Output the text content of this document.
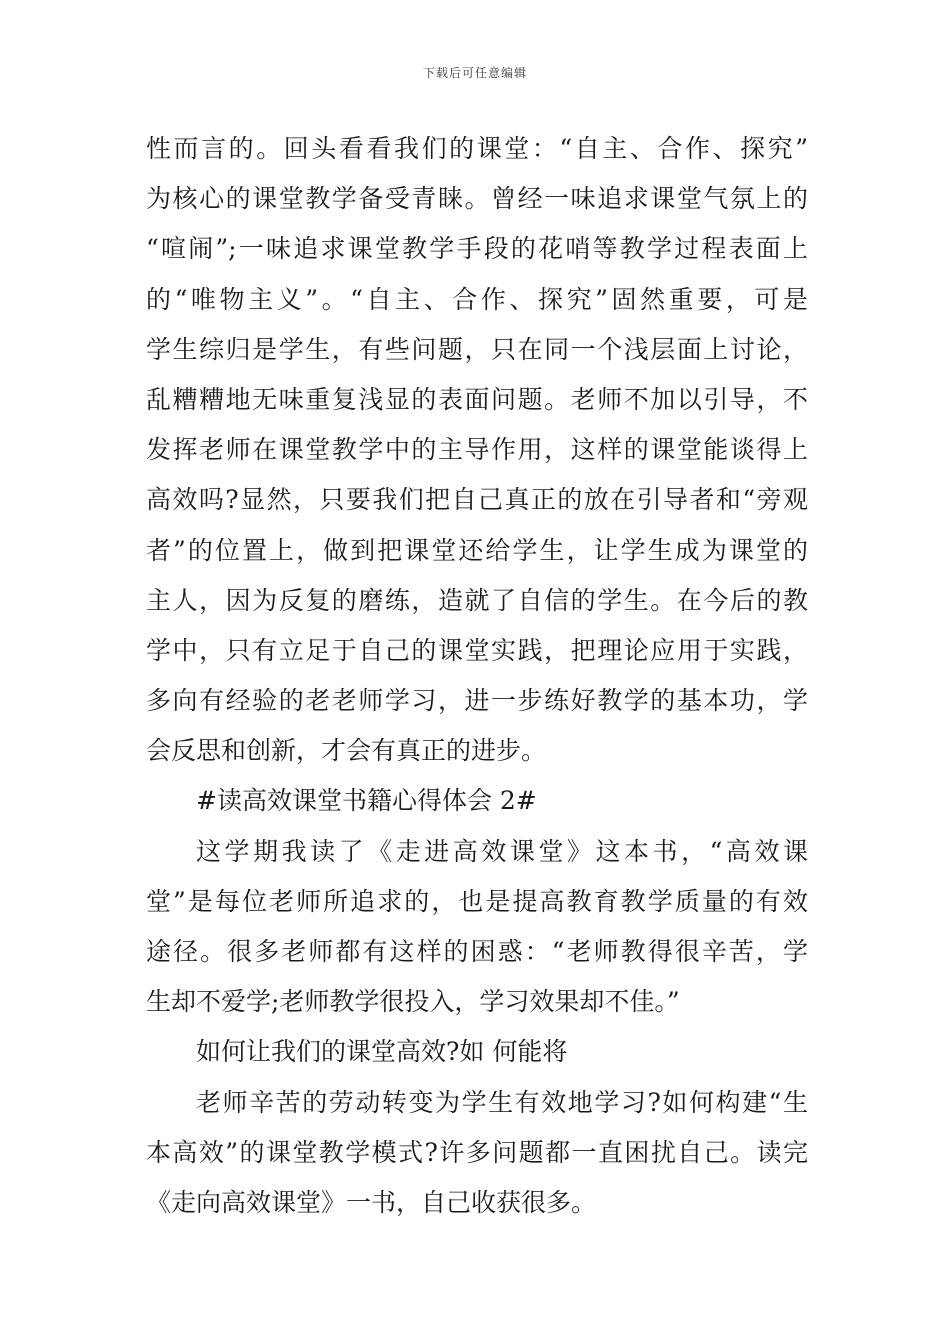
下载后可任意编辑
性而言的。回头看看我们的课堂：“自主、合作、探究”
为核心的课堂教学备受青睐。曾经一味追求课堂气氛上的
“喧闹”;一味追求课堂教学手段的花哨等教学过程表面上
的“唯物主义”。“自主、合作、探究”固然重要，可是
学生综归是学生，有些问题，只在同一个浅层面上讨论，
乱糟糟地无味重复浅显的表面问题。老师不加以引导，不
发挥老师在课堂教学中的主导作用，这样的课堂能谈得上
高效吗?显然，只要我们把自己真正的放在引导者和“旁观
者”的位置上，做到把课堂还给学生，让学生成为课堂的
主人，因为反复的磨练，造就了自信的学生。在今后的教
学中，只有立足于自己的课堂实践，把理论应用于实践，
多向有经验的老老师学习，进一步练好教学的基本功，学
会反思和创新，才会有真正的进步。
#读高效课堂书籍心得体会 2#
这学期我读了《走进高效课堂》这本书，“高效课
堂”是每位老师所追求的，也是提高教育教学质量的有效
途径。很多老师都有这样的困惑：“老师教得很辛苦，学
生却不爱学;老师教学很投入，学习效果却不佳。”
如何让我们的课堂高效?如 何能将
老师辛苦的劳动转变为学生有效地学习?如何构建“生
本高效”的课堂教学模式?许多问题都一直困扰自己。读完
《走向高效课堂》一书，自己收获很多。
